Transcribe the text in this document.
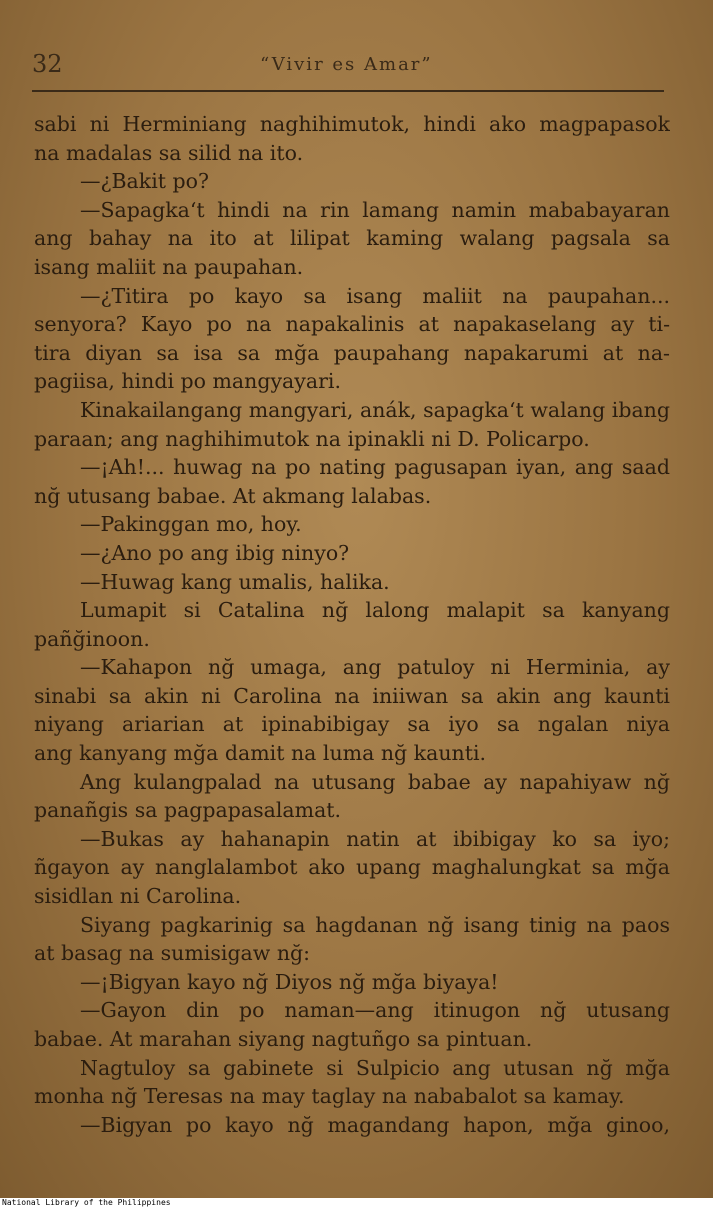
32	“Vivir es Amar”
sabi ni Herminiang naghihimutok, hindi ako magpapasok
na madalas sa silid na ito.
—¿Bakit po?
—Sapagka‘t hindi na rin lamang namin mababayaran
ang bahay na ito at lilipat kaming walang pagsala sa
isang maliit na paupahan.
—¿Titira po kayo sa isang maliit na paupahan...
senyora? Kayo po na napakalinis at napakaselang ay ti-
tira diyan sa isa sa mğa paupahang napakarumi at na-
pagiisa, hindi po mangyayari.
Kinakailangang mangyari, anák, sapagka‘t walang ibang
paraan; ang naghihimutok na ipinakli ni D. Policarpo.
—¡Ah!... huwag na po nating pagusapan iyan, ang saad
nğ utusang babae. At akmang lalabas.
—Pakinggan mo, hoy.
—¿Ano po ang ibig ninyo?
—Huwag kang umalis, halika.
Lumapit si Catalina nğ lalong malapit sa kanyang
pañğinoon.
—Kahapon nğ umaga, ang patuloy ni Herminia, ay
sinabi sa akin ni Carolina na iniiwan sa akin ang kaunti
niyang ariarian at ipinabibigay sa iyo sa ngalan niya
ang kanyang mğa damit na luma nğ kaunti.
Ang kulangpalad na utusang babae ay napahiyaw nğ
panañgis sa pagpapasalamat.
—Bukas ay hahanapin natin at ibibigay ko sa iyo;
ñgayon ay nanglalambot ako upang maghalungkat sa mğa
sisidlan ni Carolina.
Siyang pagkarinig sa hagdanan nğ isang tinig na paos
at basag na sumisigaw nğ:
—¡Bigyan kayo nğ Diyos nğ mğa biyaya!
—Gayon din po naman—ang itinugon nğ utusang
babae. At marahan siyang nagtuñgo sa pintuan.
Nagtuloy sa gabinete si Sulpicio ang utusan nğ mğa
monha nğ Teresas na may taglay na nababalot sa kamay.
—Bigyan po kayo nğ magandang hapon, mğa ginoo,
National Library of the Philippines
